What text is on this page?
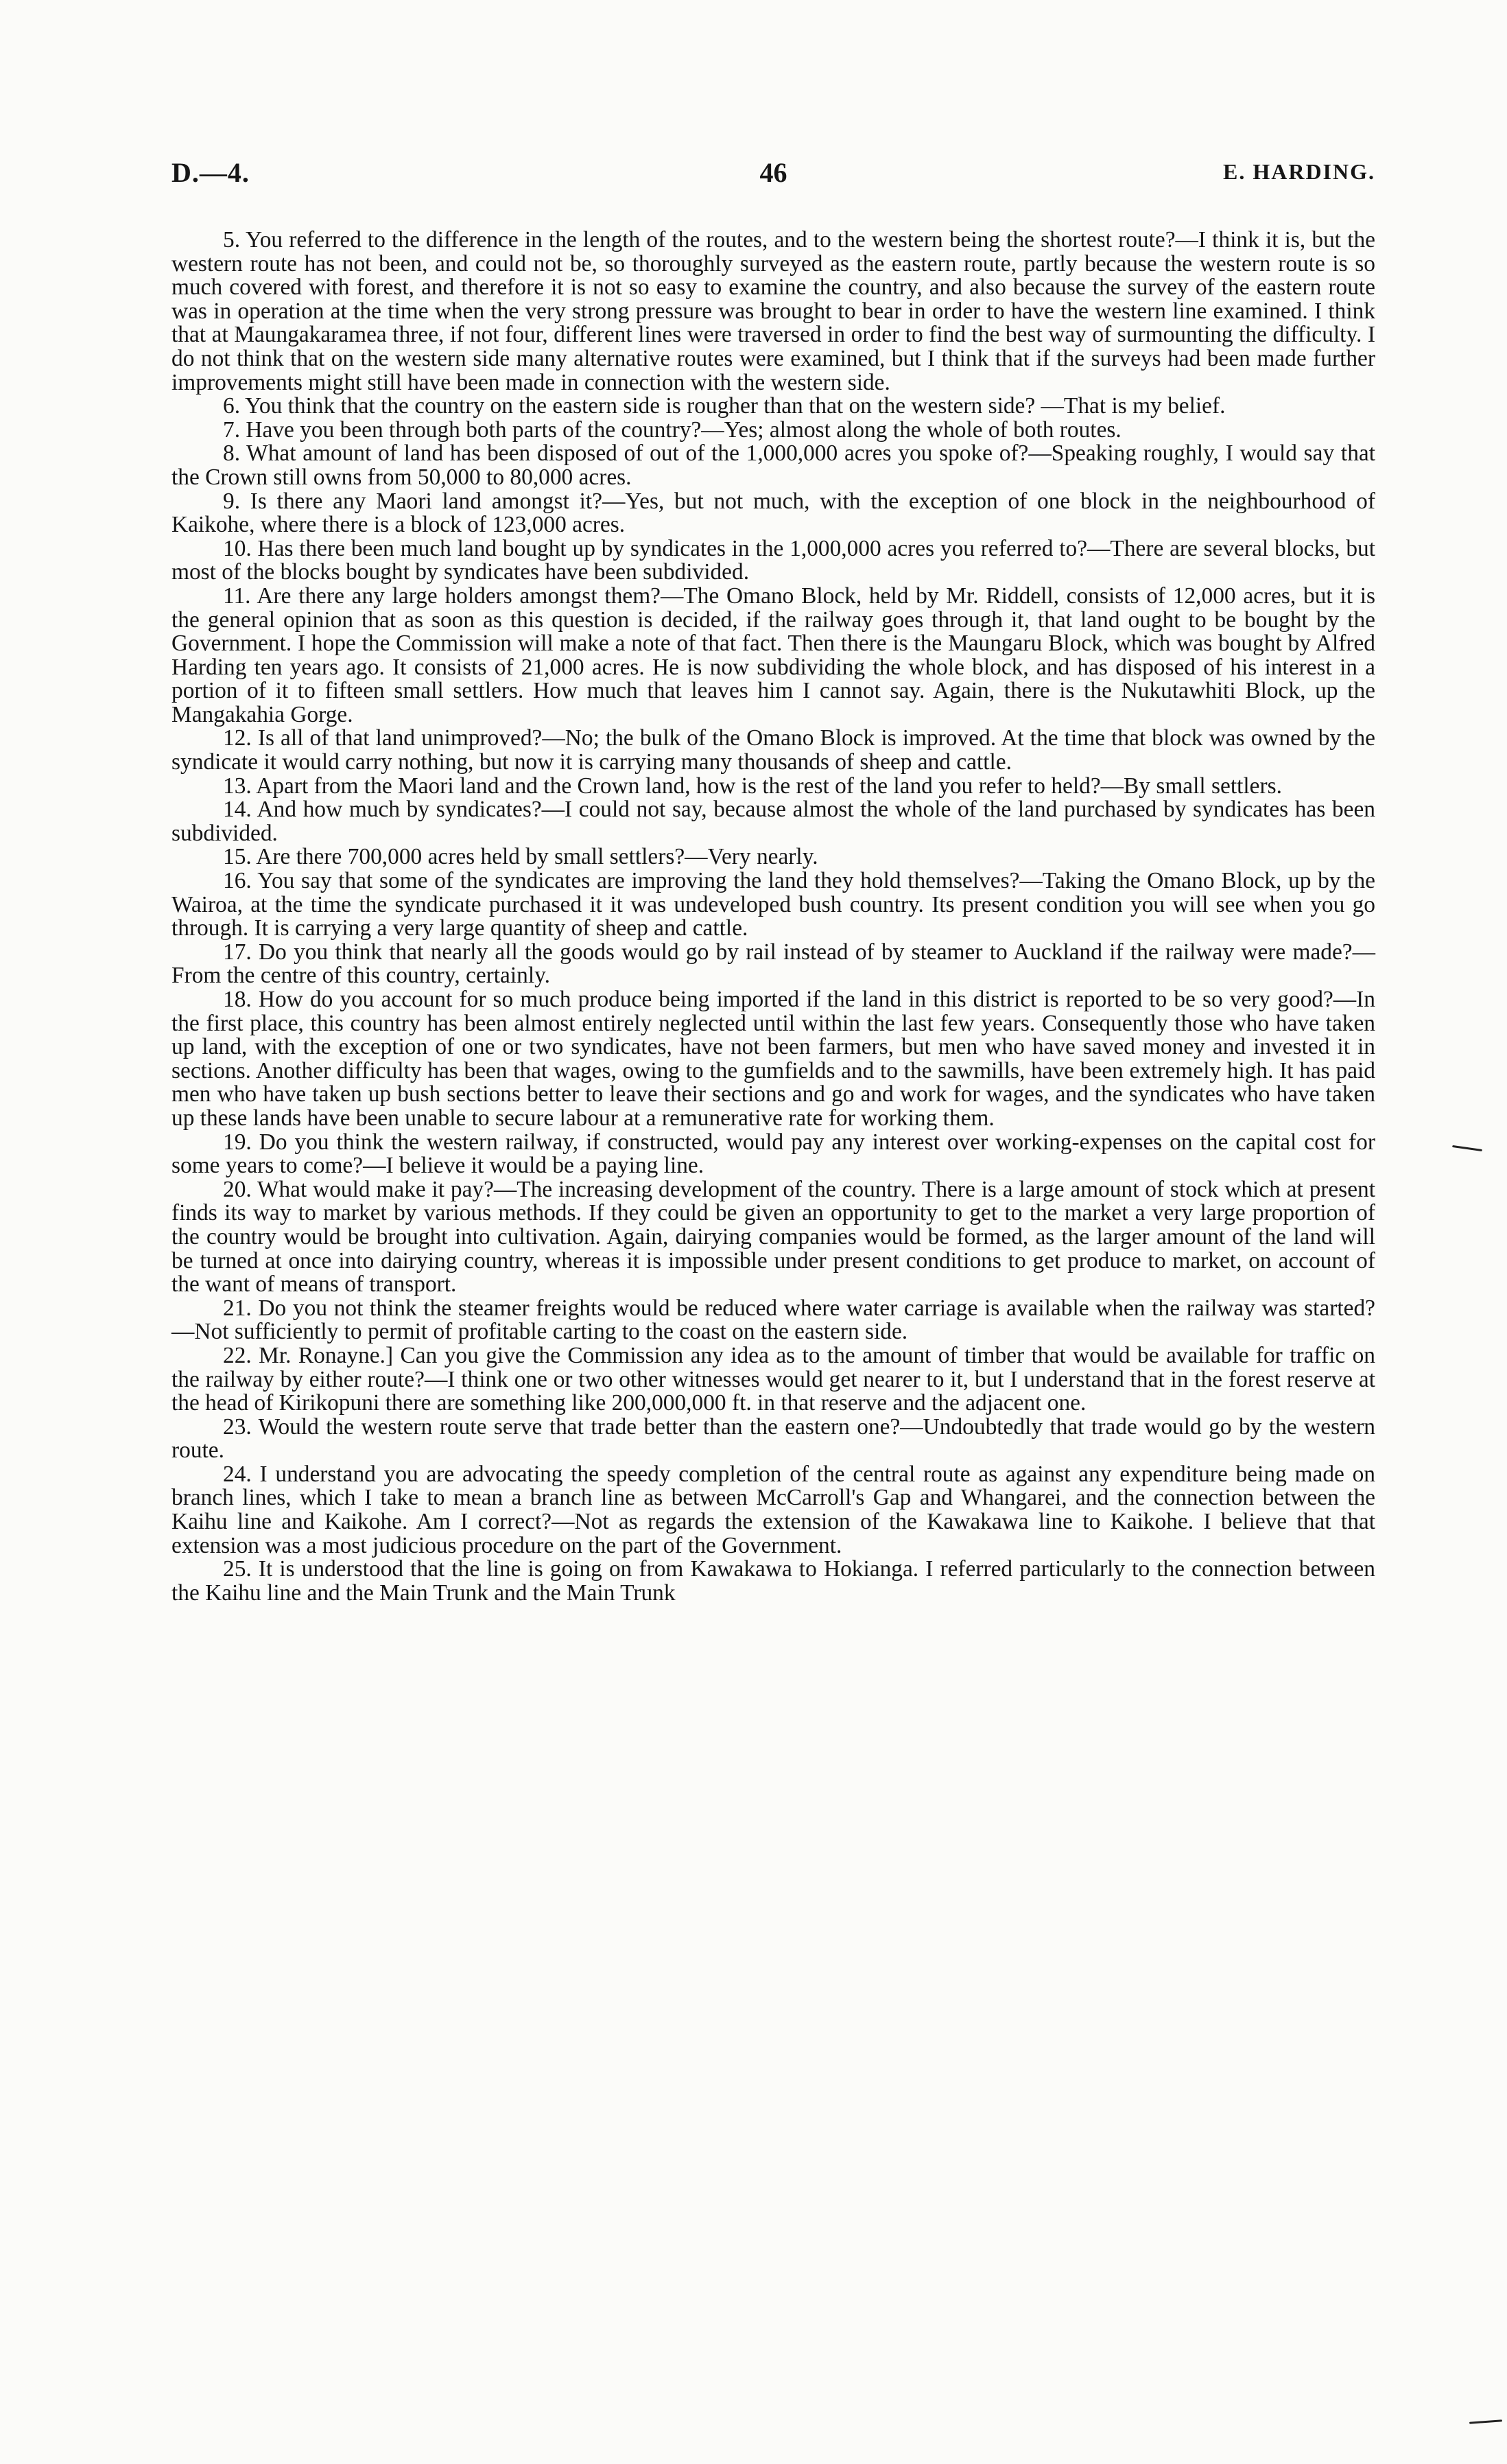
D.—4.	46	E. HARDING.

5. You referred to the difference in the length of the routes, and to the western being the shortest route?—I think it is, but the western route has not been, and could not be, so thoroughly surveyed as the eastern route, partly because the western route is so much covered with forest, and therefore it is not so easy to examine the country, and also because the survey of the eastern route was in operation at the time when the very strong pressure was brought to bear in order to have the western line examined. I think that at Maungakaramea three, if not four, different lines were traversed in order to find the best way of surmounting the difficulty. I do not think that on the western side many alternative routes were examined, but I think that if the surveys had been made further improvements might still have been made in connection with the western side.

6. You think that the country on the eastern side is rougher than that on the western side? —That is my belief.

7. Have you been through both parts of the country?—Yes; almost along the whole of both routes.

8. What amount of land has been disposed of out of the 1,000,000 acres you spoke of?—Speaking roughly, I would say that the Crown still owns from 50,000 to 80,000 acres.

9. Is there any Maori land amongst it?—Yes, but not much, with the exception of one block in the neighbourhood of Kaikohe, where there is a block of 123,000 acres.

10. Has there been much land bought up by syndicates in the 1,000,000 acres you referred to?—There are several blocks, but most of the blocks bought by syndicates have been subdivided.

11. Are there any large holders amongst them?—The Omano Block, held by Mr. Riddell, consists of 12,000 acres, but it is the general opinion that as soon as this question is decided, if the railway goes through it, that land ought to be bought by the Government. I hope the Commission will make a note of that fact. Then there is the Maungaru Block, which was bought by Alfred Harding ten years ago. It consists of 21,000 acres. He is now subdividing the whole block, and has disposed of his interest in a portion of it to fifteen small settlers. How much that leaves him I cannot say. Again, there is the Nukutawhiti Block, up the Mangakahia Gorge.

12. Is all of that land unimproved?—No; the bulk of the Omano Block is improved. At the time that block was owned by the syndicate it would carry nothing, but now it is carrying many thousands of sheep and cattle.

13. Apart from the Maori land and the Crown land, how is the rest of the land you refer to held?—By small settlers.

14. And how much by syndicates?—I could not say, because almost the whole of the land purchased by syndicates has been subdivided.

15. Are there 700,000 acres held by small settlers?—Very nearly.

16. You say that some of the syndicates are improving the land they hold themselves?—Taking the Omano Block, up by the Wairoa, at the time the syndicate purchased it it was undeveloped bush country. Its present condition you will see when you go through. It is carrying a very large quantity of sheep and cattle.

17. Do you think that nearly all the goods would go by rail instead of by steamer to Auckland if the railway were made?—From the centre of this country, certainly.

18. How do you account for so much produce being imported if the land in this district is reported to be so very good?—In the first place, this country has been almost entirely neglected until within the last few years. Consequently those who have taken up land, with the exception of one or two syndicates, have not been farmers, but men who have saved money and invested it in sections. Another difficulty has been that wages, owing to the gumfields and to the sawmills, have been extremely high. It has paid men who have taken up bush sections better to leave their sections and go and work for wages, and the syndicates who have taken up these lands have been unable to secure labour at a remunerative rate for working them.

19. Do you think the western railway, if constructed, would pay any interest over working-expenses on the capital cost for some years to come?—I believe it would be a paying line.

20. What would make it pay?—The increasing development of the country. There is a large amount of stock which at present finds its way to market by various methods. If they could be given an opportunity to get to the market a very large proportion of the country would be brought into cultivation. Again, dairying companies would be formed, as the larger amount of the land will be turned at once into dairying country, whereas it is impossible under present conditions to get produce to market, on account of the want of means of transport.

21. Do you not think the steamer freights would be reduced where water carriage is available when the railway was started?—Not sufficiently to permit of profitable carting to the coast on the eastern side.

22. Mr. Ronayne.] Can you give the Commission any idea as to the amount of timber that would be available for traffic on the railway by either route?—I think one or two other witnesses would get nearer to it, but I understand that in the forest reserve at the head of Kirikopuni there are something like 200,000,000 ft. in that reserve and the adjacent one.

23. Would the western route serve that trade better than the eastern one?—Undoubtedly that trade would go by the western route.

24. I understand you are advocating the speedy completion of the central route as against any expenditure being made on branch lines, which I take to mean a branch line as between McCarroll's Gap and Whangarei, and the connection between the Kaihu line and Kaikohe. Am I correct?—Not as regards the extension of the Kawakawa line to Kaikohe. I believe that that extension was a most judicious procedure on the part of the Government.

25. It is understood that the line is going on from Kawakawa to Hokianga. I referred particularly to the connection between the Kaihu line and the Main Trunk and the Main Trunk
